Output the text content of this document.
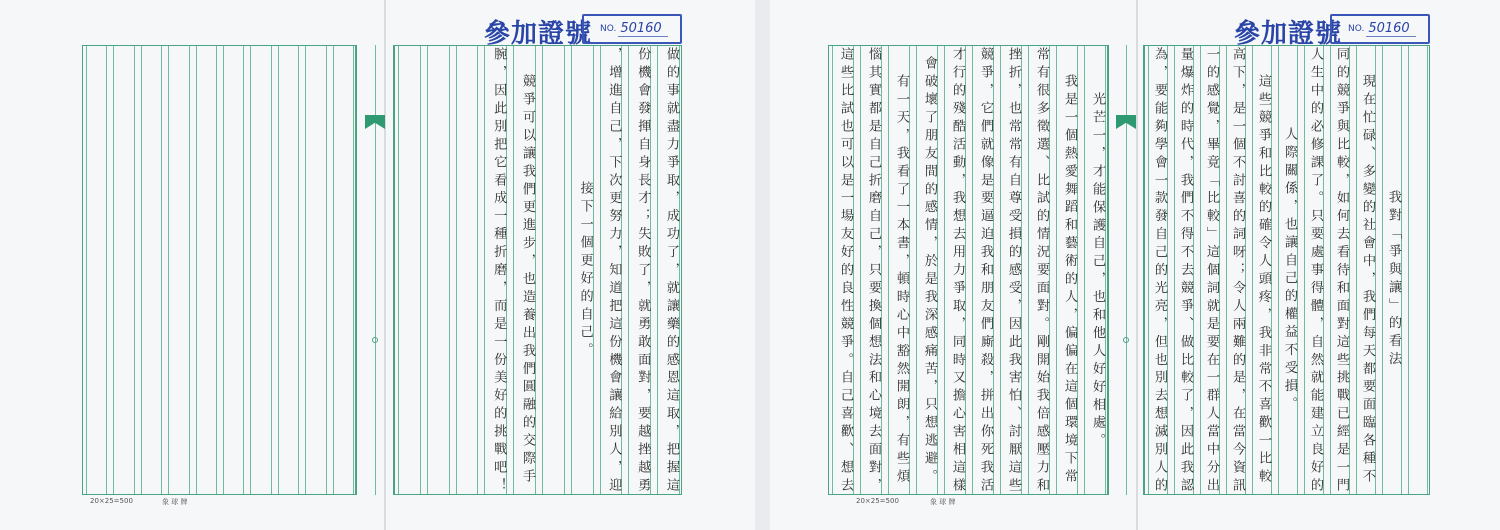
參加證號 NO. 50160
做的事就盡力爭取，成功了，就讓藥的感恩這取，把握這
份機會發揮自身長才；失敗了，就勇敢面對，要越挫越勇
，增進自己，下次更努力，知道把這份機會讓給別人，迎
接下一個更好的自己。
　競爭可以讓我們更進步，也造養出我們圓融的交際手
腕，因此別把它看成一種折磨，而是一份美好的挑戰吧！
20×25=500	象 球 牌
參加證號 NO. 50160
光芒一，才能保護自己，也和他人好好相處。
　我是一個熱愛舞蹈和藝術的人，偏偏在這個環境下常
常有很多徵選、比試的情況要面對。剛開始我倍感壓力和
挫折，也常常有自尊受損的感受，因此我害怕、討厭這些
競爭，它們就像是要逼迫我和朋友們廝殺，拼出你死我活
才行的殘酷活動，我想去用力爭取，同時又擔心害相這樣
會破壞了朋友間的感情，於是我深感痛苦，只想逃避。
　有一天，我看了一本書，頓時心中豁然開朗，有些煩
惱其實都是自己折磨自己，只要換個想法和心境去面對，
這些比試也可以是一場友好的良性競爭。自己喜歡、想去	　我對「爭與讓」的看法
　現在忙碌、多變的社會中，我們每天都要面臨各種不
同的競爭與比較，如何去看待和面對這些挑戰已經是一門
人生中的必修課了。只要處事得體，自然就能建立良好的
人際關係，也讓自己的權益不受損。
　這些競爭和比較的確令人頭疼，我非常不喜歡一比較
高下，是一個不討喜的詞呀；令人兩難的是，在當今資訊
一的感覺，畢竟「比較」這個詞就是要在一群人當中分出
量爆炸的時代，我們不得不去競爭、做比較了，因此我認
為，要能夠學會一款發自己的光亮，但也別去想滅別人的
20×25=500	象 球 牌
